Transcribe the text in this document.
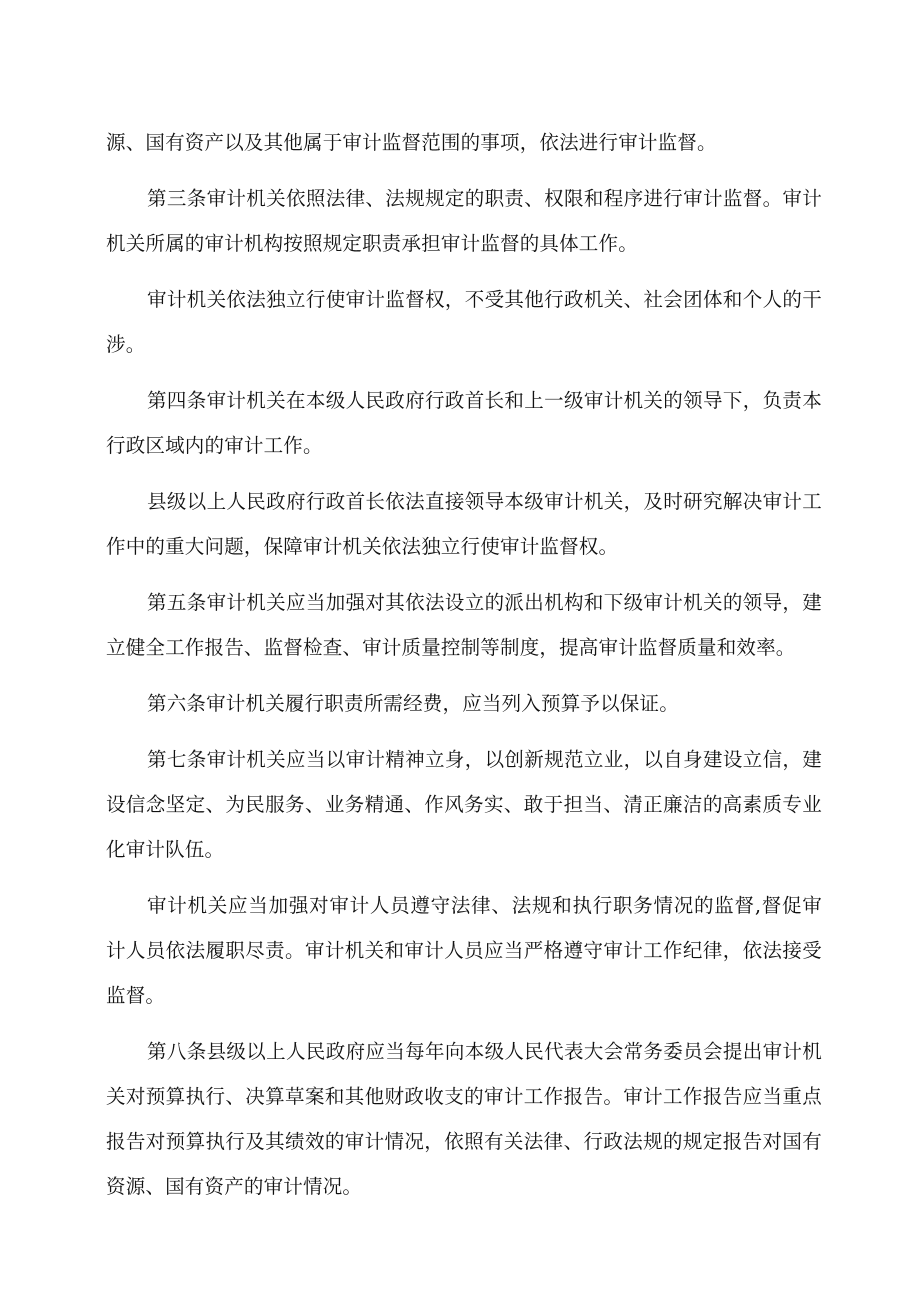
源、国有资产以及其他属于审计监督范围的事项，依法进行审计监督。

第三条审计机关依照法律、法规规定的职责、权限和程序进行审计监督。审计机关所属的审计机构按照规定职责承担审计监督的具体工作。

审计机关依法独立行使审计监督权，不受其他行政机关、社会团体和个人的干涉。

第四条审计机关在本级人民政府行政首长和上一级审计机关的领导下，负责本行政区域内的审计工作。

县级以上人民政府行政首长依法直接领导本级审计机关，及时研究解决审计工作中的重大问题，保障审计机关依法独立行使审计监督权。

第五条审计机关应当加强对其依法设立的派出机构和下级审计机关的领导，建立健全工作报告、监督检查、审计质量控制等制度，提高审计监督质量和效率。

第六条审计机关履行职责所需经费，应当列入预算予以保证。

第七条审计机关应当以审计精神立身，以创新规范立业，以自身建设立信，建设信念坚定、为民服务、业务精通、作风务实、敢于担当、清正廉洁的高素质专业化审计队伍。

审计机关应当加强对审计人员遵守法律、法规和执行职务情况的监督,督促审计人员依法履职尽责。审计机关和审计人员应当严格遵守审计工作纪律，依法接受监督。

第八条县级以上人民政府应当每年向本级人民代表大会常务委员会提出审计机关对预算执行、决算草案和其他财政收支的审计工作报告。审计工作报告应当重点报告对预算执行及其绩效的审计情况，依照有关法律、行政法规的规定报告对国有资源、国有资产的审计情况。
